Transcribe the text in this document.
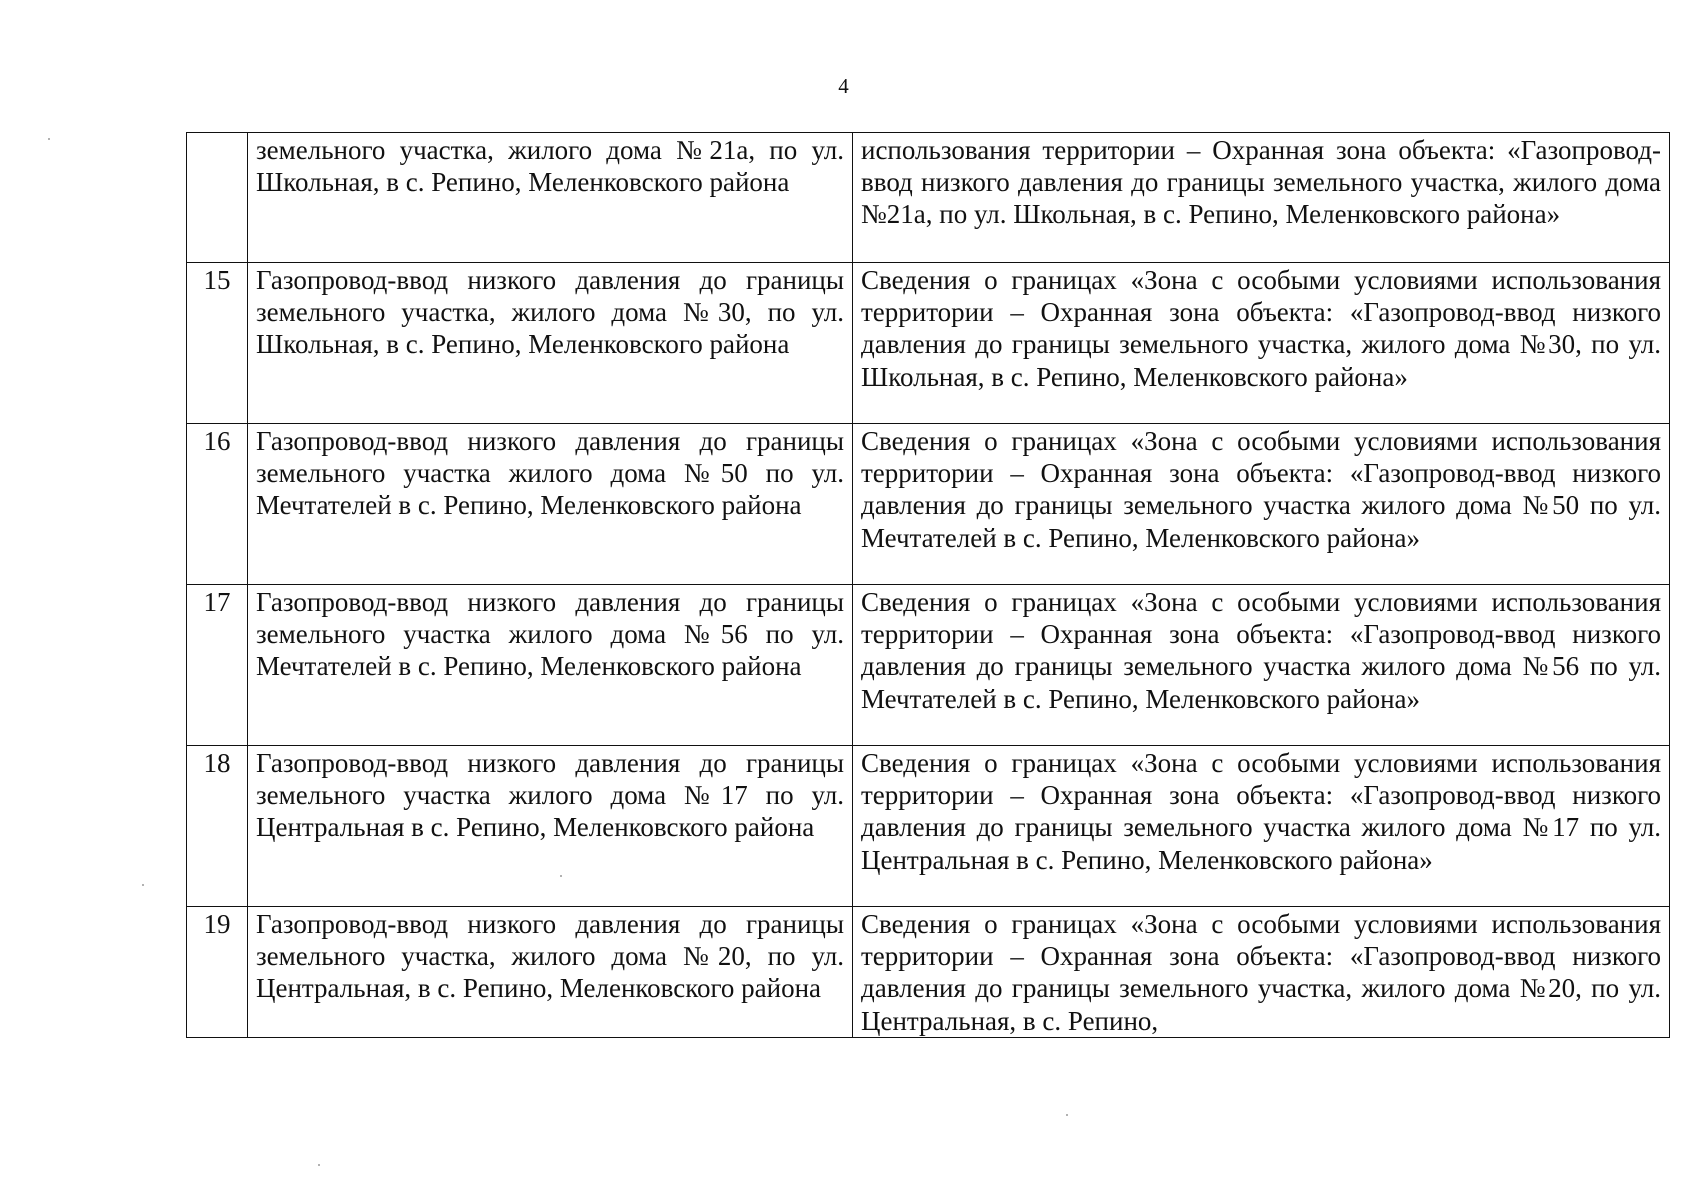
4
	земельного участка, жилого дома №21а, по ул. Школьная, в с. Репино, Меленковского района	использования территории – Охранная зона объекта: «Газопровод-ввод низкого давления до границы земельного участка, жилого дома №21а, по ул. Школьная, в с. Репино, Меленковского района»
15	Газопровод-ввод низкого давления до границы земельного участка, жилого дома №30, по ул. Школьная, в с. Репино, Меленковского района	Сведения о границах «Зона с особыми условиями использования территории – Охранная зона объекта: «Газопровод-ввод низкого давления до границы земельного участка, жилого дома №30, по ул. Школьная, в с. Репино, Меленковского района»
16	Газопровод-ввод низкого давления до границы земельного участка жилого дома №50 по ул. Мечтателей в с. Репино, Меленковского района	Сведения о границах «Зона с особыми условиями использования территории – Охранная зона объекта: «Газопровод-ввод низкого давления до границы земельного участка жилого дома №50 по ул. Мечтателей в с. Репино, Меленковского района»
17	Газопровод-ввод низкого давления до границы земельного участка жилого дома №56 по ул. Мечтателей в с. Репино, Меленковского района	Сведения о границах «Зона с особыми условиями использования территории – Охранная зона объекта: «Газопровод-ввод низкого давления до границы земельного участка жилого дома №56 по ул. Мечтателей в с. Репино, Меленковского района»
18	Газопровод-ввод низкого давления до границы земельного участка жилого дома №17 по ул. Центральная в с. Репино, Меленковского района	Сведения о границах «Зона с особыми условиями использования территории – Охранная зона объекта: «Газопровод-ввод низкого давления до границы земельного участка жилого дома №17 по ул. Центральная в с. Репино, Меленковского района»
19	Газопровод-ввод низкого давления до границы земельного участка, жилого дома №20, по ул. Центральная, в с. Репино, Меленковского района	Сведения о границах «Зона с особыми условиями использования территории – Охранная зона объекта: «Газопровод-ввод низкого давления до границы земельного участка, жилого дома №20, по ул. Центральная, в с. Репино,
